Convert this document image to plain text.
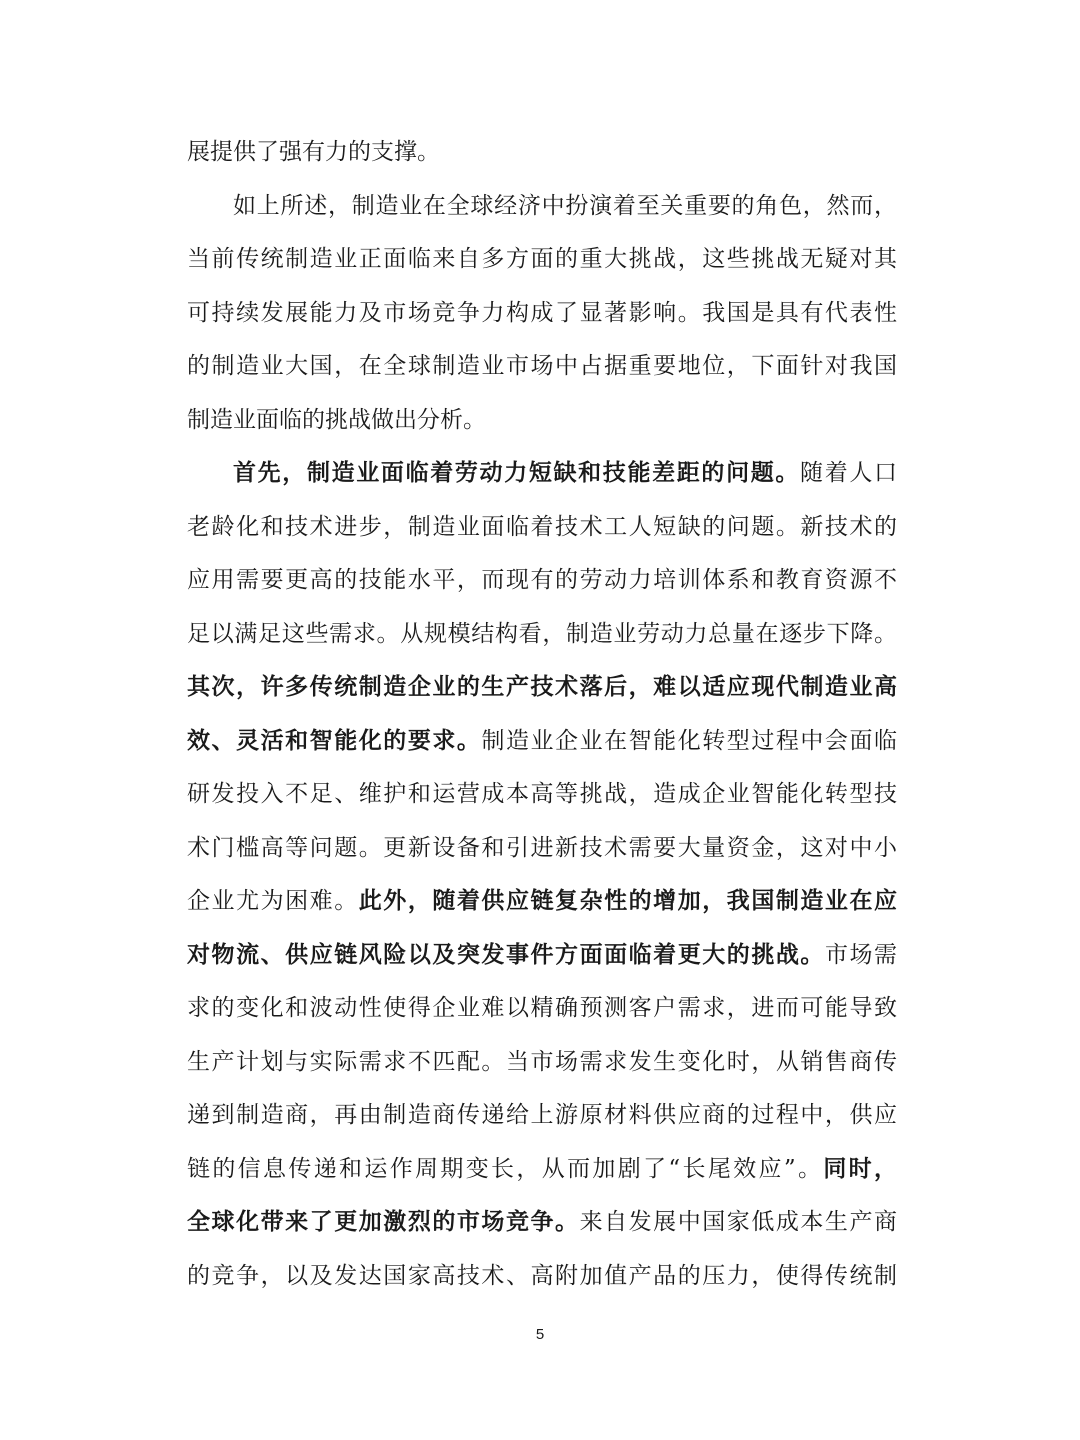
展提供了强有力的支撑。
如上所述，制造业在全球经济中扮演着至关重要的角色，然而，
当前传统制造业正面临来自多方面的重大挑战，这些挑战无疑对其
可持续发展能力及市场竞争力构成了显著影响。我国是具有代表性
的制造业大国，在全球制造业市场中占据重要地位，下面针对我国
制造业面临的挑战做出分析。
首先，制造业面临着劳动力短缺和技能差距的问题。随着人口
老龄化和技术进步，制造业面临着技术工人短缺的问题。新技术的
应用需要更高的技能水平，而现有的劳动力培训体系和教育资源不
足以满足这些需求。从规模结构看，制造业劳动力总量在逐步下降。
其次，许多传统制造企业的生产技术落后，难以适应现代制造业高
效、灵活和智能化的要求。制造业企业在智能化转型过程中会面临
研发投入不足、维护和运营成本高等挑战，造成企业智能化转型技
术门槛高等问题。更新设备和引进新技术需要大量资金，这对中小
企业尤为困难。此外，随着供应链复杂性的增加，我国制造业在应
对物流、供应链风险以及突发事件方面面临着更大的挑战。市场需
求的变化和波动性使得企业难以精确预测客户需求，进而可能导致
生产计划与实际需求不匹配。当市场需求发生变化时，从销售商传
递到制造商，再由制造商传递给上游原材料供应商的过程中，供应
链的信息传递和运作周期变长，从而加剧了“长尾效应”。同时，
全球化带来了更加激烈的市场竞争。来自发展中国家低成本生产商
的竞争，以及发达国家高技术、高附加值产品的压力，使得传统制
5
